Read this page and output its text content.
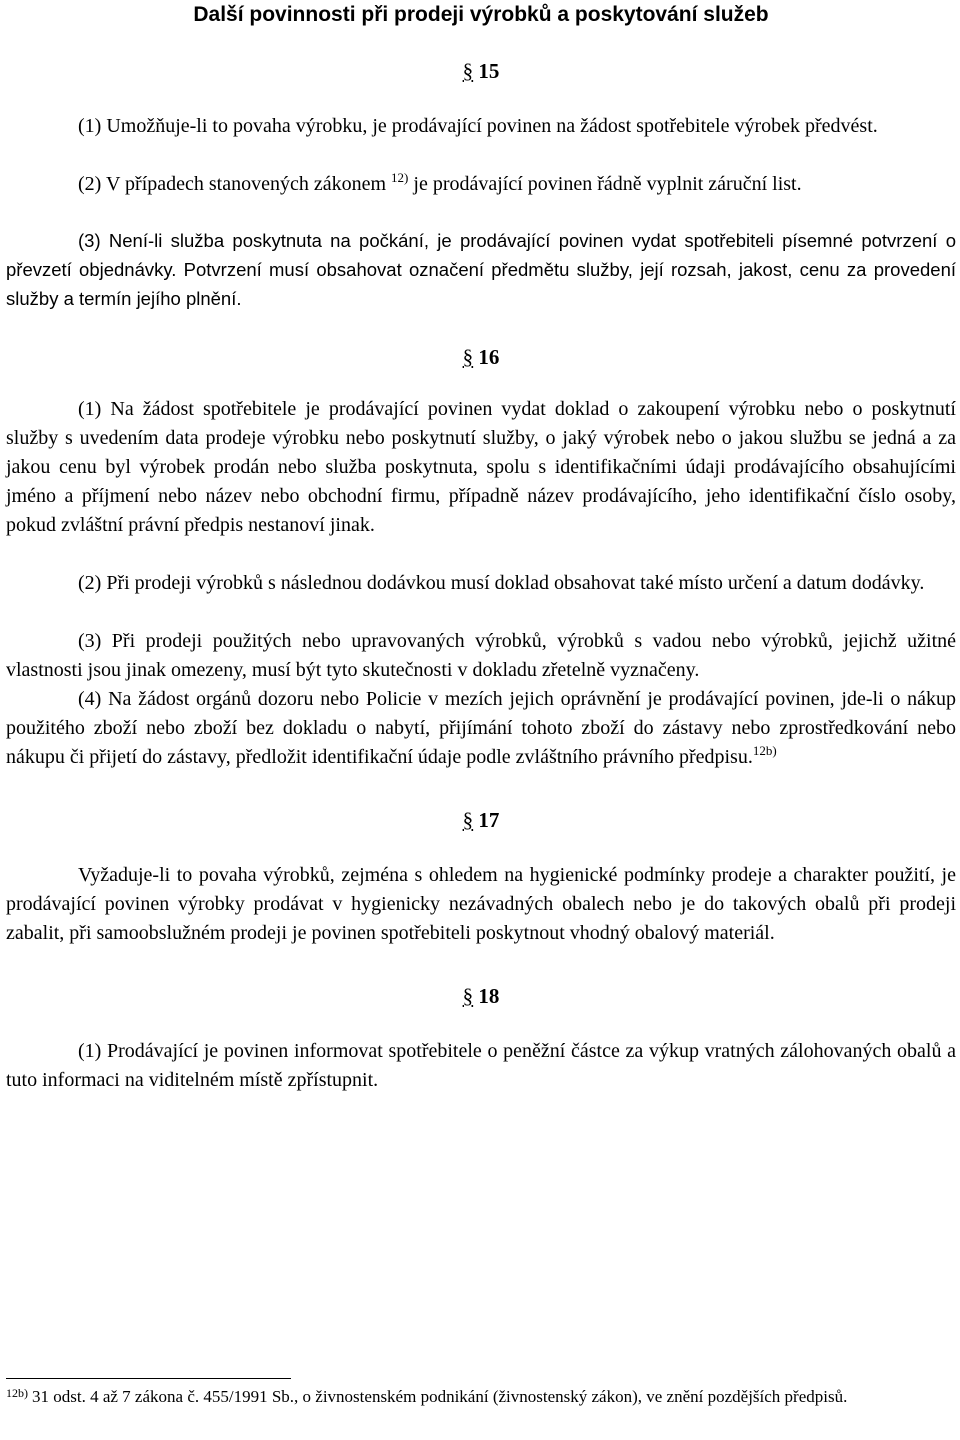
Další povinnosti při prodeji výrobků a poskytování služeb

§ 15

(1) Umožňuje-li to povaha výrobku, je prodávající povinen na žádost spotřebitele výrobek předvést.

(2) V případech stanovených zákonem $^{12)}$ je prodávající povinen řádně vyplnit záruční list.

(3) Není-li služba poskytnuta na počkání, je prodávající povinen vydat spotřebiteli písemné potvrzení o převzetí objednávky. Potvrzení musí obsahovat označení předmětu služby, její rozsah, jakost, cenu za provedení služby a termín jejího plnění.

§ 16

(1) Na žádost spotřebitele je prodávající povinen vydat doklad o zakoupení výrobku nebo o poskytnutí služby s uvedením data prodeje výrobku nebo poskytnutí služby, o jaký výrobek nebo o jakou službu se jedná a za jakou cenu byl výrobek prodán nebo služba poskytnuta, spolu s identifikačními údaji prodávajícího obsahujícími jméno a příjmení nebo název nebo obchodní firmu, případně název prodávajícího, jeho identifikační číslo osoby, pokud zvláštní právní předpis nestanoví jinak.

(2) Při prodeji výrobků s následnou dodávkou musí doklad obsahovat také místo určení a datum dodávky.

(3) Při prodeji použitých nebo upravovaných výrobků, výrobků s vadou nebo výrobků, jejichž užitné vlastnosti jsou jinak omezeny, musí být tyto skutečnosti v dokladu zřetelně vyznačeny.

(4) Na žádost orgánů dozoru nebo Policie v mezích jejich oprávnění je prodávající povinen, jde-li o nákup použitého zboží nebo zboží bez dokladu o nabytí, přijímání tohoto zboží do zástavy nebo zprostředkování nebo nákupu či přijetí do zástavy, předložit identifikační údaje podle zvláštního právního předpisu.$^{12b)}$

§ 17

Vyžaduje-li to povaha výrobků, zejména s ohledem na hygienické podmínky prodeje a charakter použití, je prodávající povinen výrobky prodávat v hygienicky nezávadných obalech nebo je do takových obalů při prodeji zabalit, při samoobslužném prodeji je povinen spotřebiteli poskytnout vhodný obalový materiál.

§ 18

(1) Prodávající je povinen informovat spotřebitele o peněžní částce za výkup vratných zálohovaných obalů a tuto informaci na viditelném místě zpřístupnit.

12b) 31 odst. 4 až 7 zákona č. 455/1991 Sb., o živnostenském podnikání (živnostenský zákon), ve znění pozdějších předpisů.
